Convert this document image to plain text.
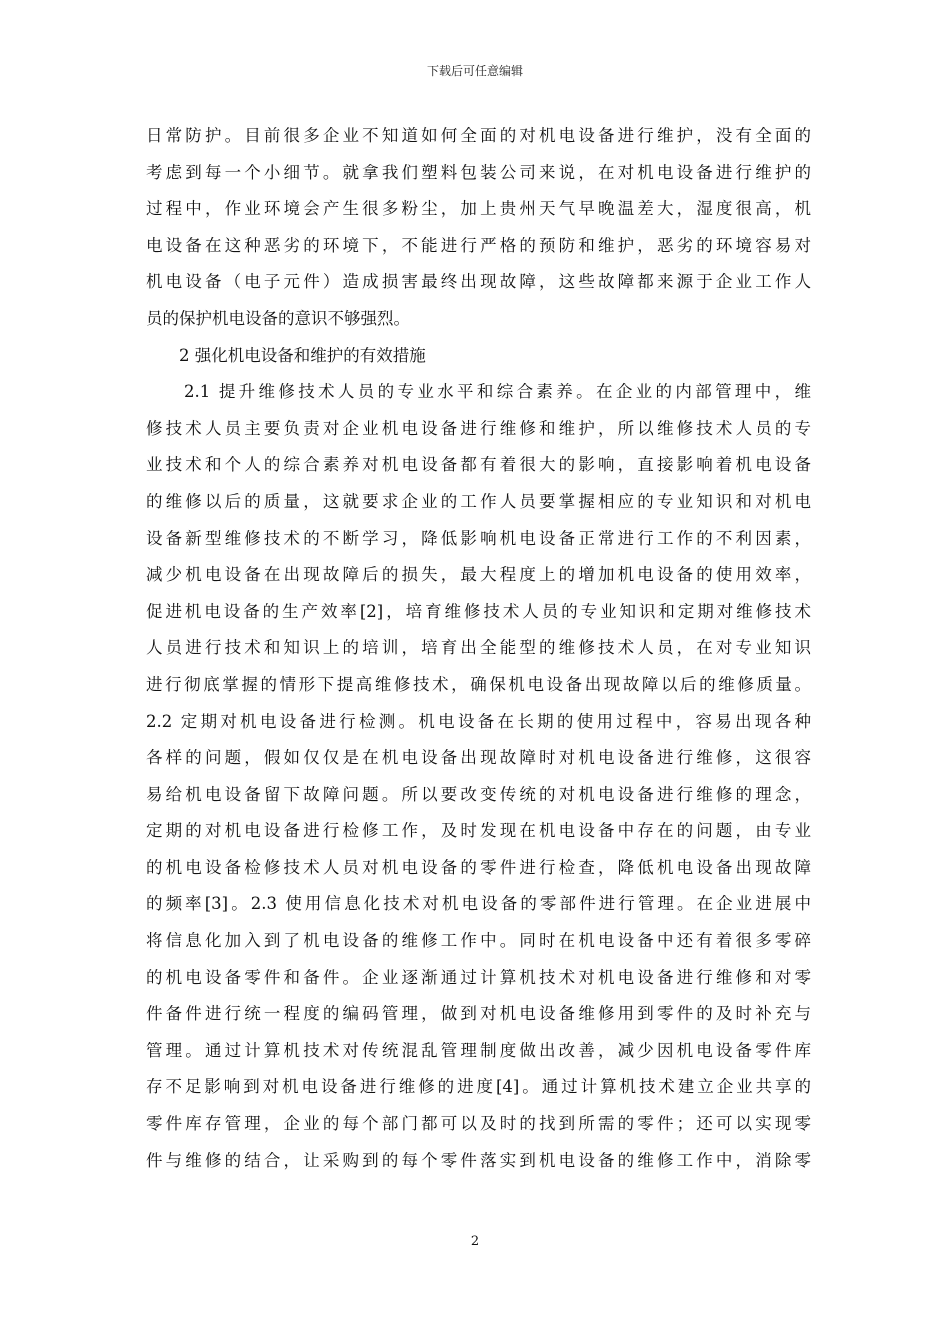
下载后可任意编辑
日常防护。目前很多企业不知道如何全面的对机电设备进行维护，没有全面的
考虑到每一个小细节。就拿我们塑料包装公司来说，在对机电设备进行维护的
过程中，作业环境会产生很多粉尘，加上贵州天气早晚温差大，湿度很高，机
电设备在这种恶劣的环境下，不能进行严格的预防和维护，恶劣的环境容易对
机电设备（电子元件）造成损害最终出现故障，这些故障都来源于企业工作人
员的保护机电设备的意识不够强烈。
2 强化机电设备和维护的有效措施
2.1 提升维修技术人员的专业水平和综合素养。在企业的内部管理中，维
修技术人员主要负责对企业机电设备进行维修和维护，所以维修技术人员的专
业技术和个人的综合素养对机电设备都有着很大的影响，直接影响着机电设备
的维修以后的质量，这就要求企业的工作人员要掌握相应的专业知识和对机电
设备新型维修技术的不断学习，降低影响机电设备正常进行工作的不利因素，
减少机电设备在出现故障后的损失，最大程度上的增加机电设备的使用效率，
促进机电设备的生产效率[2]，培育维修技术人员的专业知识和定期对维修技术
人员进行技术和知识上的培训，培育出全能型的维修技术人员，在对专业知识
进行彻底掌握的情形下提高维修技术，确保机电设备出现故障以后的维修质量。
2.2 定期对机电设备进行检测。机电设备在长期的使用过程中，容易出现各种
各样的问题，假如仅仅是在机电设备出现故障时对机电设备进行维修，这很容
易给机电设备留下故障问题。所以要改变传统的对机电设备进行维修的理念，
定期的对机电设备进行检修工作，及时发现在机电设备中存在的问题，由专业
的机电设备检修技术人员对机电设备的零件进行检查，降低机电设备出现故障
的频率[3]。2.3 使用信息化技术对机电设备的零部件进行管理。在企业进展中
将信息化加入到了机电设备的维修工作中。同时在机电设备中还有着很多零碎
的机电设备零件和备件。企业逐渐通过计算机技术对机电设备进行维修和对零
件备件进行统一程度的编码管理，做到对机电设备维修用到零件的及时补充与
管理。通过计算机技术对传统混乱管理制度做出改善，减少因机电设备零件库
存不足影响到对机电设备进行维修的进度[4]。通过计算机技术建立企业共享的
零件库存管理，企业的每个部门都可以及时的找到所需的零件；还可以实现零
件与维修的结合，让采购到的每个零件落实到机电设备的维修工作中，消除零
2
